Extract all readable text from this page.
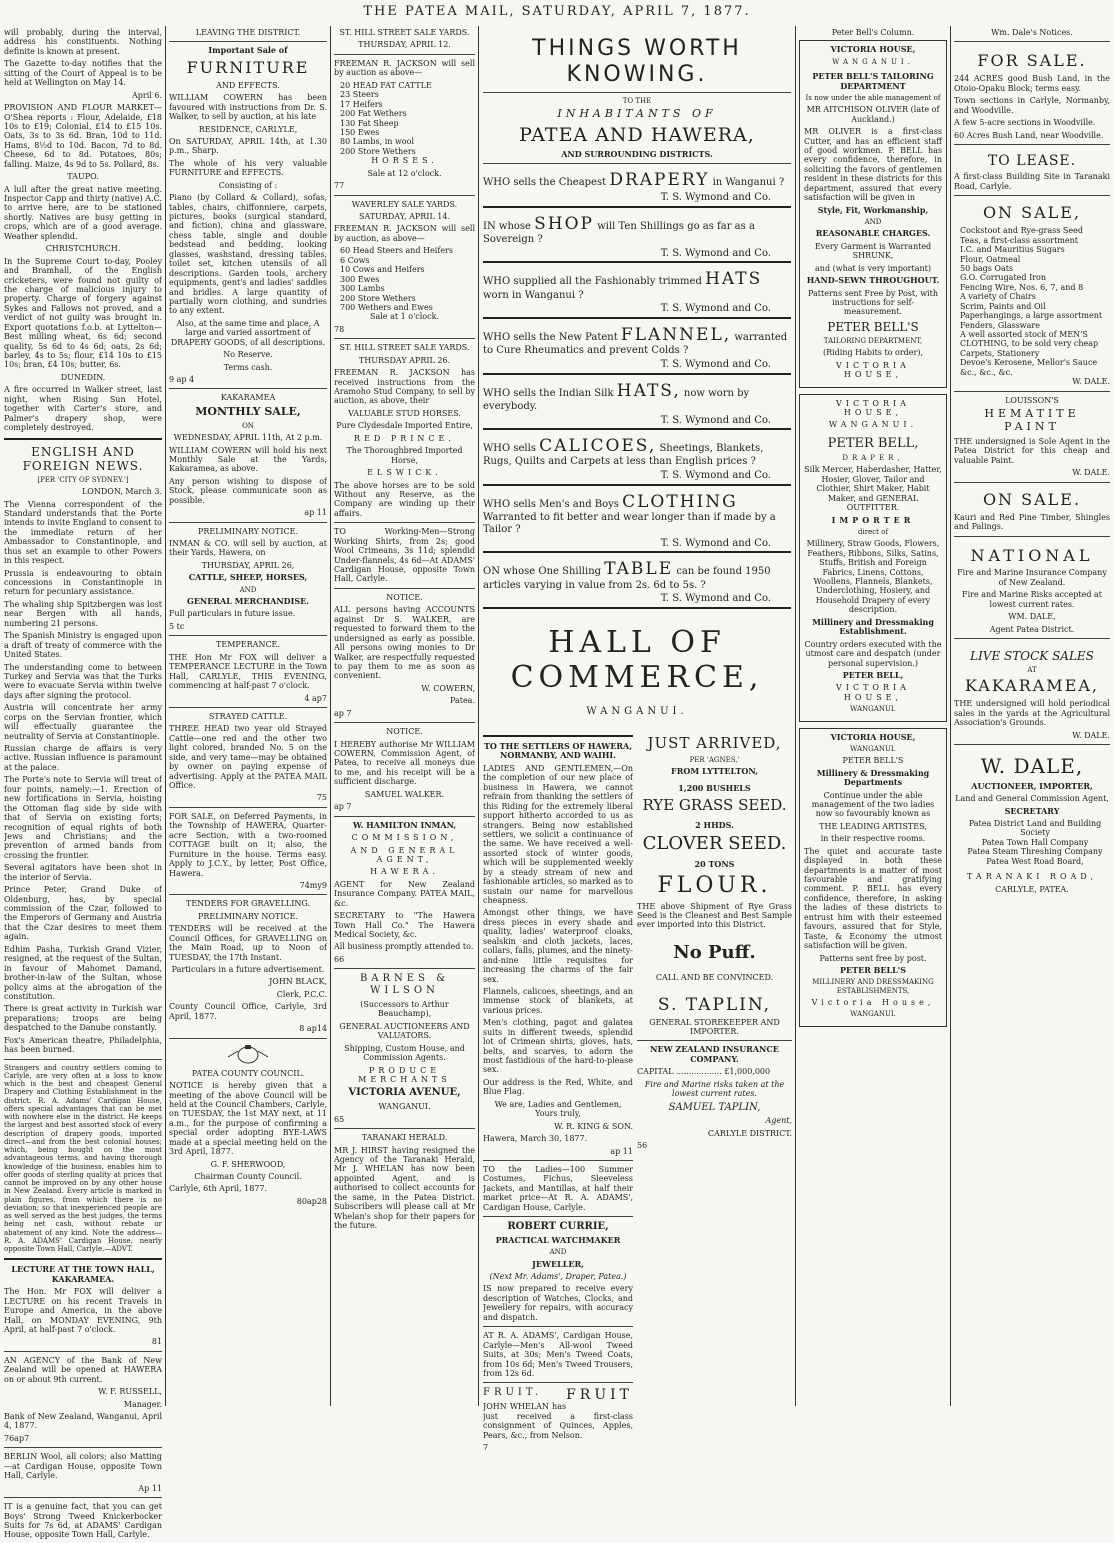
THE PATEA MAIL, SATURDAY, APRIL 7, 1877.

will probably, during the interval, address his constituents. Nothing definite is known at present.

The Gazette to-day notifies that the sitting of the Court of Appeal is to be held at Wellington on May 14.

April 6.

PROVISION AND FLOUR MARKET—O'Shea reports : Flour, Adelaide, £18 10s to £19; Colonial, £14 to £15 10s. Oats, 3s to 3s 6d. Bran, 10d to 11d. Hams, 8½d to 10d. Bacon, 7d to 8d. Cheese, 6d to 8d. Potatoes, 80s; falling. Maize, 4s 9d to 5s. Pollard, 8s.

TAUPO.

A lull after the great native meeting. Inspector Capp and thirty (native) A.C. to arrive here, are to be stationed shortly. Natives are busy getting in crops, which are of a good average. Weather splendid.

CHRISTCHURCH.

In the Supreme Court to-day, Pooley and Bramhall, of the English cricketers, were found not guilty of the charge of malicious injury to property. Charge of forgery against Sykes and Fallows not proved, and a verdict of not guilty was brought in. Export quotations f.o.b. at Lyttelton—Best milling wheat, 6s 6d; second quality, 5s 6d to 4s 6d; oats, 2s 6d; barley, 4s to 5s; flour, £14 10s to £15 10s; bran, £4 10s; butter, 6s.

DUNEDIN.

A fire occurred in Walker street, last night, when Rising Sun Hotel, together with Carter's store, and Palmer's drapery shop, were completely destroyed.

ENGLISH AND FOREIGN NEWS.

[PER 'CITY OF SYDNEY.']

LONDON, March 3.

The Vienna correspondent of the Standard understands that the Porte intends to invite England to consent to the immediate return of her Ambassador to Constantinople, and thus set an example to other Powers in this respect.

Prussia is endeavouring to obtain concessions in Constantinople in return for pecuniary assistance.

The whaling ship Spitzbergen was lost near Bergen with all hands, numbering 21 persons.

The Spanish Ministry is engaged upon a draft of treaty of commerce with the United States.

The understanding come to between Turkey and Servia was that the Turks were to evacuate Servia within twelve days after signing the protocol.

Austria will concentrate her army corps on the Servian frontier, which will effectually guarantee the neutrality of Servia at Constantinople.

Russian charge de affairs is very active. Russian influence is paramount at the palace.

The Porte's note to Servia will treat of four points, namely:—1. Erection of new fortifications in Servia, hoisting the Ottoman flag side by side with that of Servia on existing forts; recognition of equal rights of both Jews and Christians; and the prevention of armed bands from crossing the frontier.

Several agitators have been shot in the interior of Servia.

Prince Peter, Grand Duke of Oldenburg, has, by special commission of the Czar, followed to the Emperors of Germany and Austria that the Czar desires to meet them again.

Edhim Pasha, Turkish Grand Vizier, resigned, at the request of the Sultan, in favour of Mahomet Damand, brother-in-law of the Sultan, whose policy aims at the abrogation of the constitution.

There is great activity in Turkish war preparations; troops are being despatched to the Danube constantly.

Fox's American theatre, Philadelphia, has been burned.

Strangers and country settlers coming to Carlyle, are very often at a loss to know which is the best and cheapest General Drapery and Clothing Establishment in the district. R. A. Adams' Cardigan House, offers special advantages that can be met with nowhere else in the district. He keeps the largest and best assorted stock of every description of drapery goods, imported direct—and from the best colonial houses; which, being bought on the most advantageous terms, and having thorough knowledge of the business, enables him to offer goods of sterling quality at prices that cannot be improved on by any other house in New Zealand. Every article is marked in plain figures, from which there is no deviation; so that inexperienced people are as well served as the best judges, the terms being net cash, without rebate or abatement of any kind. Note the address—R. A. ADAMS' Cardigan House, nearly opposite Town Hall, Carlyle.—ADVT.

LECTURE AT THE TOWN HALL, KAKARAMEA.

The Hon. Mr FOX will deliver a LECTURE on his recent Travels in Europe and America, in the above Hall, on MONDAY EVENING, 9th April, at half-past 7 o'clock.

81

AN AGENCY of the Bank of New Zealand will be opened at HAWERA on or about 9th current.

W. F. RUSSELL,

Manager.

Bank of New Zealand, Wanganui, April 4, 1877.

76ap7

BERLIN Wool, all colors; also Matting —at Cardigan House, opposite Town Hall, Carlyle.

Ap 11

IT is a genuine fact, that you can get Boys' Strong Tweed Knickerbocker Suits for 7s 6d, at ADAMS' Cardigan House, opposite Town Hall, Carlyle.

LEAVING THE DISTRICT.

Important Sale of

FURNITURE

AND EFFECTS.

WILLIAM COWERN has been favoured with instructions from Dr. S. Walker, to sell by auction, at his late

RESIDENCE, CARLYLE,

On SATURDAY, APRIL 14th, at 1.30 p.m., Sharp.

The whole of his very valuable FURNITURE and EFFECTS.

Consisting of :

Piano (by Collard & Collard), sofas, tables, chairs, chiffonniere, carpets, pictures, books (surgical standard, and fiction), china and glassware, chess table, single and double bedstead and bedding, looking glasses, washstand, dressing tables, toilet set, kitchen utensils of all descriptions. Garden tools, archery equipments, gent's and ladies' saddles and bridles. A large quantity of partially worn clothing, and sundries to any extent.

Also, at the same time and place, A large and varied assortment of DRAPERY GOODS, of all descriptions.

No Reserve.

Terms cash.

9 ap 4

KAKARAMEA

MONTHLY SALE,

ON

WEDNESDAY, APRIL 11th, At 2 p.m.

WILLIAM COWERN will hold his next Monthly Sale at the Yards, Kakaramea, as above.

Any person wishing to dispose of Stock, please communicate soon as possible.

ap 11

PRELIMINARY NOTICE.

INMAN & CO. will sell by auction, at their Yards, Hawera, on

THURSDAY, APRIL 26,

CATTLE, SHEEP, HORSES,

AND

GENERAL MERCHANDISE.

Full particulars in future issue.

5 tc

TEMPERANCE.

THE Hon Mr FOX will deliver a TEMPERANCE LECTURE in the Town Hall, CARLYLE, THIS EVENING, commencing at half-past 7 o'clock.

4 ap7

STRAYED CATTLE.

THREE HEAD two year old Strayed Cattle—one red and the other two light colored, branded No. 5 on the side, and very tame—may be obtained by owner on paying expense of advertising. Apply at the PATEA MAIL Office.

75

FOR SALE, on Deferred Payments, in the Township of HAWERA, Quarter-acre Section, with a two-roomed COTTAGE built on it; also, the Furniture in the house. Terms easy. Apply to J.C.Y., by letter, Post Office, Hawera.

74my9

TENDERS FOR GRAVELLING.

PRELIMINARY NOTICE.

TENDERS will be received at the Council Offices, for GRAVELLING on the Main Road, up to Noon of TUESDAY, the 17th Instant.

Particulars in a future advertisement.

JOHN BLACK,

Clerk, P.C.C.

County Council Office, Carlyle, 3rd April, 1877.

8 ap14

PATEA COUNTY COUNCIL.

NOTICE is hereby given that a meeting of the above Council will be held at the Council Chambers, Carlyle, on TUESDAY, the 1st MAY next, at 11 a.m., for the purpose of confirming a special order adopting BYE-LAWS made at a special meeting held on the 3rd April, 1877.

G. F. SHERWOOD,

Chairman County Council.

Carlyle, 6th April, 1877.

80ap28

ST. HILL STREET SALE YARDS.

THURSDAY, APRIL 12.

FREEMAN R. JACKSON will sell by auction as above—

20 HEAD FAT CATTLE
23 Steers
17 Heifers
200 Fat Wethers
130 Fat Sheep
150 Ewes
80 Lambs, in wool
200 Store Wethers

HORSES.

Sale at 12 o'clock.

77

WAVERLEY SALE YARDS.

SATURDAY, APRIL 14.

FREEMAN R. JACKSON will sell by auction, as above—

60 Head Steers and Heifers
6 Cows
10 Cows and Heifers
300 Ewes
300 Lambs
200 Store Wethers
700 Wethers and Ewes

Sale at 1 o'clock.

78

ST. HILL STREET SALE YARDS.

THURSDAY APRIL 26.

FREEMAN R. JACKSON has received instructions from the Aramoho Stud Company, to sell by auction, as above, their

VALUABLE STUD HORSES.

Pure Clydesdale Imported Entire,

RED PRINCE.

The Thoroughbred Imported Horse,

ELSWICK.

The above horses are to be sold Without any Reserve, as the Company are winding up their affairs.

TO Working-Men—Strong Working Shirts, from 2s; good Wool Crimeans, 3s 11d; splendid Under-flannels, 4s 6d—At ADAMS' Cardigan House, opposite Town Hall, Carlyle.

NOTICE.

ALL persons having ACCOUNTS against Dr S. WALKER, are requested to forward them to the undersigned as early as possible. All persons owing monies to Dr Walker, are respectfully requested to pay them to me as soon as convenient.

W. COWERN,

Patea.

ap 7

NOTICE.

I HEREBY authorise Mr WILLIAM COWERN, Commission Agent, of Patea, to receive all moneys due to me, and his receipt will be a sufficient discharge.

SAMUEL WALKER.

ap 7

W. HAMILTON INMAN,

COMMISSION,

AND GENERAL AGENT,

HAWERA.

AGENT for New Zealand Insurance Company. PATEA MAIL, &c.

SECRETARY to "The Hawera Town Hall Co." The Hawera Medical Society, &c.

All business promptly attended to.

66

BARNES & WILSON

(Successors to Arthur Beauchamp),

GENERAL AUCTIONEERS AND VALUATORS.

Shipping, Custom House, and Commission Agents.

PRODUCE MERCHANTS

VICTORIA AVENUE,

WANGANUI.

65

TARANAKI HERALD.

MR J. HIRST having resigned the Agency of the Taranaki Herald, Mr J. WHELAN has now been appointed Agent, and is authorised to collect accounts for the same, in the Patea District. Subscribers will please call at Mr Whelan's shop for their papers for the future.

THINGS WORTH KNOWING.

TO THE

INHABITANTS OF

PATEA AND HAWERA,

AND SURROUNDING DISTRICTS.

WHO sells the Cheapest DRAPERY in Wanganui ?
T. S. Wymond and Co.
IN whose SHOP will Ten Shillings go as far as a Sovereign ?
T. S. Wymond and Co.
WHO supplied all the Fashionably trimmed HATS worn in Wanganui ?
T. S. Wymond and Co.
WHO sells the New Patent FLANNEL, warranted to Cure Rheumatics and prevent Colds ?
T. S. Wymond and Co.
WHO sells the Indian Silk HATS, now worn by everybody.
T. S. Wymond and Co.
WHO sells CALICOES, Sheetings, Blankets, Rugs, Quilts and Carpets at less than English prices ?
T. S. Wymond and Co.
WHO sells Men's and Boys CLOTHING Warranted to fit better and wear longer than if made by a Tailor ?
T. S. Wymond and Co.
ON whose One Shilling TABLE can be found 1950 articles varying in value from 2s. 6d to 5s. ?
T. S. Wymond and Co.
HALL OF COMMERCE,

WANGANUI.

TO THE SETTLERS OF HAWERA, NORMANBY, AND WAIHI.

LADIES AND GENTLEMEN,—On the completion of our new place of business in Hawera, we cannot refrain from thanking the settlers of this Riding for the extremely liberal support hitherto accorded to us as strangers. Being now established settlers, we solicit a continuance of the same. We have received a well-assorted stock of winter goods, which will be supplemented weekly by a steady stream of new and fashionable articles, so marked as to sustain our name for marvellous cheapness.

Amongst other things, we have dress pieces in every shade and quality, ladies' waterproof cloaks, sealskin and cloth jackets, laces, collars, falls, plumes, and the ninety-and-nine little requisites for increasing the charms of the fair sex.

Flannels, calicoes, sheetings, and an immense stock of blankets, at various prices.

Men's clothing, pagot and galatea suits in different tweeds, splendid lot of Crimean shirts, gloves, hats, belts, and scarves, to adorn the most fastidious of the hard-to-please sex.

Our address is the Red, White, and Blue Flag.

We are, Ladies and Gentlemen, Yours truly,

W. R. KING & SON.

Hawera, March 30, 1877.

ap 11

TO the Ladies—100 Summer Costumes, Fichus, Sleeveless Jackets, and Mantillas, at half their market price—At R. A. ADAMS', Cardigan House, Carlyle.

ROBERT CURRIE,

PRACTICAL WATCHMAKER

AND

JEWELLER,

(Next Mr. Adams', Draper, Patea.)

IS now prepared to receive every description of Watches, Clocks, and Jewellery for repairs, with accuracy and dispatch.

AT R. A. ADAMS', Cardigan House, Carlyle—Men's All-wool Tweed Suits, at 30s; Men's Tweed Coats, from 10s 6d; Men's Tweed Trousers, from 12s 6d.

FRUIT. FRUIT

JOHN WHELAN has just received a first-class consignment of Quinces, Apples, Pears, &c., from Nelson.

7

JUST ARRIVED,

PER 'AGNES,'

FROM LYTTELTON,

1,200 BUSHELS

RYE GRASS SEED.

2 HHDS.

CLOVER SEED.

20 TONS

FLOUR.

THE above Shipment of Rye Grass Seed is the Cleanest and Best Sample ever imported into this District.

No Puff.

CALL AND BE CONVINCED.

S. TAPLIN,

GENERAL STOREKEEPER AND IMPORTER.

NEW ZEALAND INSURANCE COMPANY.

CAPITAL .................. £1,000,000

Fire and Marine risks taken at the lowest current rates.

SAMUEL TAPLIN,

Agent,

CARLYLE DISTRICT.

56

Peter Bell's Column.

VICTORIA HOUSE,

WANGANUI.

PETER BELL'S TAILORING DEPARTMENT

Is now under the able management of

MR AITCHISON OLIVER (late of Auckland.)

MR OLIVER is a first-class Cutter, and has an efficient staff of good workmen. P. BELL has every confidence, therefore, in soliciting the favors of gentlemen resident in these districts for this department, assured that every satisfaction will be given in

Style, Fit, Workmanship,

AND

REASONABLE CHARGES.

Every Garment is Warranted SHRUNK,

and (what is very important)

HAND-SEWN THROUGHOUT.

Patterns sent Free by Post, with instructions for self-measurement.

PETER BELL'S

TAILORING DEPARTMENT,

(Riding Habits to order),

VICTORIA HOUSE,

VICTORIA HOUSE,

WANGANUI.

PETER BELL,

DRAPER,

Silk Mercer, Haberdasher, Hatter, Hosier, Glover, Tailor and Clothier, Shirt Maker, Habit Maker, and GENERAL OUTFITTER.

IMPORTER

direct of

Millinery, Straw Goods, Flowers, Feathers, Ribbons, Silks, Satins, Stuffs, British and Foreign Fabrics, Linens, Cottons, Woollens, Flannels, Blankets, Underclothing, Hosiery, and Household Drapery of every description.

Millinery and Dressmaking Establishment.

Country orders executed with the utmost care and despatch (under personal supervision.)

PETER BELL,

VICTORIA HOUSE,

WANGANUI.

VICTORIA HOUSE,

WANGANUI.

PETER BELL'S

Millinery & Dressmaking Departments

Continue under the able management of the two ladies now so favourably known as

THE LEADING ARTISTES,

in their respective rooms.

The quiet and accurate taste displayed in both these departments is a matter of most favourable and gratifying comment. P. BELL has every confidence, therefore, in asking the ladies of these districts to entrust him with their esteemed favours, assured that for Style, Taste, & Economy the utmost satisfaction will be given.

Patterns sent free by post.

PETER BELL'S

MILLINERY AND DRESSMAKING ESTABLISHMENTS,

Victoria House,

WANGANUI.

Wm. Dale's Notices.

FOR SALE.

244 ACRES good Bush Land, in the Otoio-Opaku Block; terms easy.

Town sections in Carlyle, Normanby, and Woodville.

A few 5-acre sections in Woodville.

60 Acres Bush Land, near Woodville.

TO LEASE.

A first-class Building Site in Taranaki Road, Carlyle.

ON SALE,

Cockstoot and Rye-grass Seed
Teas, a first-class assortment
I.C. and Mauritius Sugars
Flour, Oatmeal
50 bags Oats
G.O. Corrugated Iron
Fencing Wire, Nos. 6, 7, and 8
A variety of Chairs
Scrim, Paints and Oil
Paperhangings, a large assortment
Fenders, Glassware
A well assorted stock of MEN'S CLOTHING, to be sold very cheap
Carpets, Stationery
Devoe's Kerosene, Mellor's Sauce &c., &c., &c.

W. DALE.

LOUISSON'S

HEMATITE PAINT

THE undersigned is Sole Agent in the Patea District for this cheap and valuable Paint.

W. DALE.

ON SALE.

Kauri and Red Pine Timber, Shingles and Palings.

NATIONAL

Fire and Marine Insurance Company of New Zealand.

Fire and Marine Risks accepted at lowest current rates.

WM. DALE,

Agent Patea District.

LIVE STOCK SALES

AT

KAKARAMEA,

THE undersigned will hold periodical sales in the yards at the Agricultural Association's Grounds.

W. DALE.

W. DALE,

AUCTIONEER, IMPORTER,

Land and General Commission Agent,

SECRETARY

Patea District Land and Building Society
Patea Town Hall Company
Patea Steam Threshing Company
Patea West Road Board,

TARANAKI ROAD,

CARLYLE, PATEA.
